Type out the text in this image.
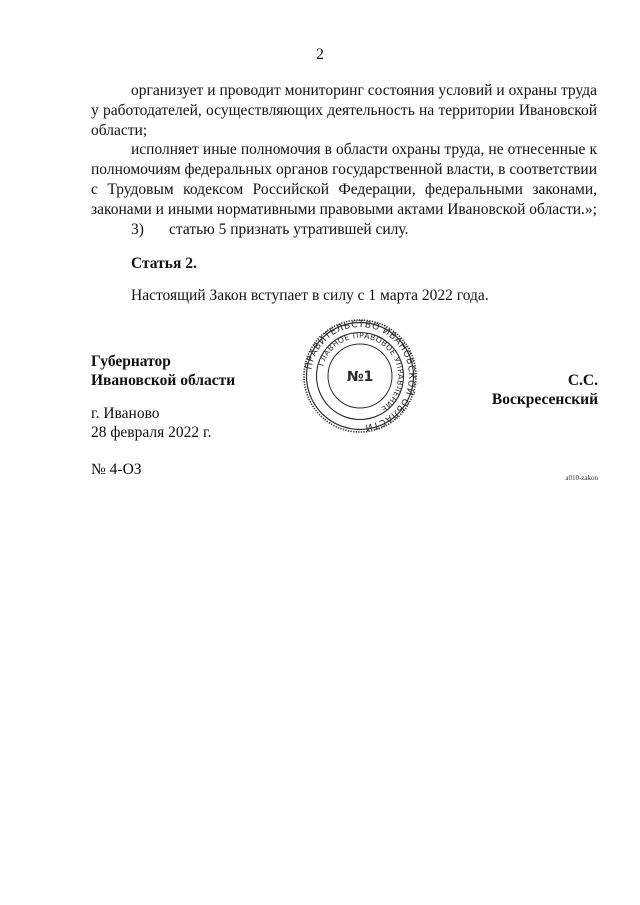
2

организует и проводит мониторинг состояния условий и охраны труда у работодателей, осуществляющих деятельность на территории Ивановской области;

исполняет иные полномочия в области охраны труда, не отнесенные к полномочиям федеральных органов государственной власти, в соответствии с Трудовым кодексом Российской Федерации, федеральными законами, законами и иными нормативными правовыми актами Ивановской области.»;

3)	статью 5 признать утратившей силу.

Статья 2.
Настоящий Закон вступает в силу с 1 марта 2022 года.
Губернатор
Ивановской области
ПРАВИТЕЛЬСТВО ИВАНОВСКОЙ ОБЛАСТИ
ГЛАВНОЕ ПРАВОВОЕ УПРАВЛЕНИЕ
№1	С.С. Воскресенский
г. Иваново
28 февраля 2022 г.
№ 4-ОЗ	a010-zakon
